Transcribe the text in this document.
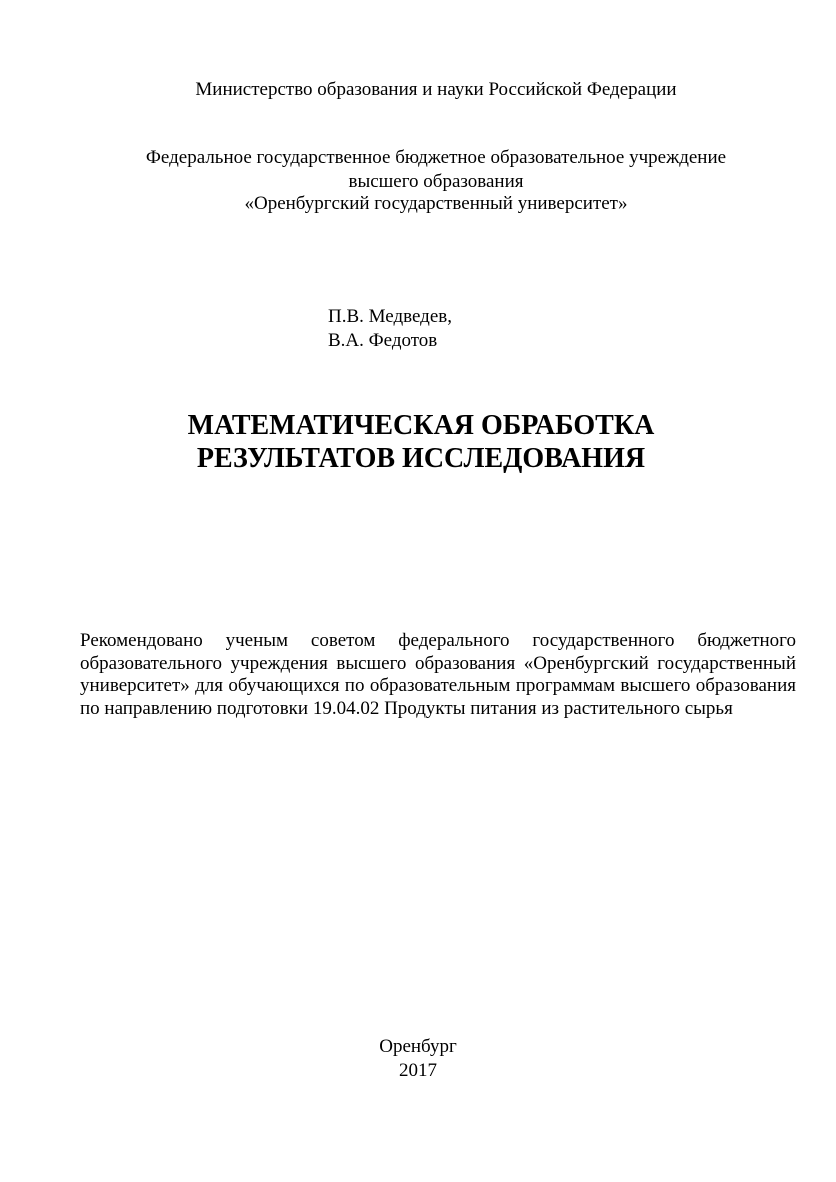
Министерство образования и науки Российской Федерации
Федеральное государственное бюджетное образовательное учреждение
высшего образования
«Оренбургский государственный университет»
П.В. Медведев,
В.А. Федотов
МАТЕМАТИЧЕСКАЯ ОБРАБОТКА
РЕЗУЛЬТАТОВ ИССЛЕДОВАНИЯ
Рекомендовано ученым советом федерального государственного бюджетного образовательного учреждения высшего образования «Оренбургский государственный университет» для обучающихся по образовательным программам высшего образования по направлению подготовки 19.04.02 Продукты питания из растительного сырья
Оренбург
2017
